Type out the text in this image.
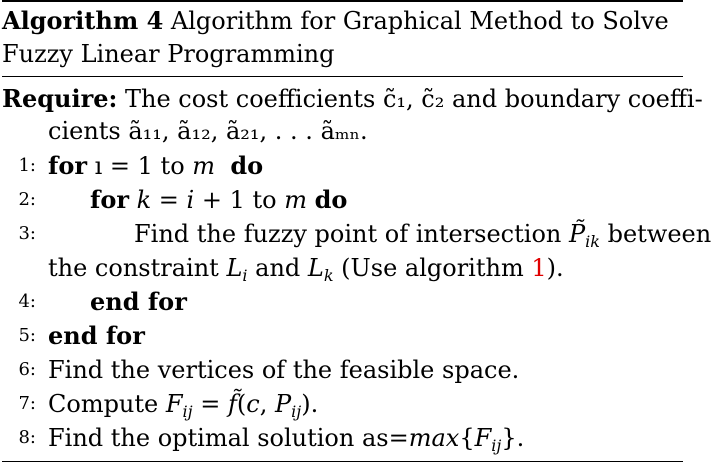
Algorithm 4 Algorithm for Graphical Method to Solve
Fuzzy Linear Programming
Require: The cost coefficients c̃₁, c̃₂ and boundary coeffi-
cients ã₁₁, ã₁₂, ã₂₁, . . . ãₘₙ.
1: for ı = 1 to m do
2: for k = i + 1 to m do
3:	Find the fuzzy point of intersection $P̃_{ik}$ between
the constraint $L_i$ and $L_k$ (Use algorithm 1).
4: end for
5: end for
6: Find the vertices of the feasible space.
7: Compute $F_{ij}$ = f̃(c, $P_{ij}$).
8: Find the optimal solution $as=\max\{F_{ij}\}$.
